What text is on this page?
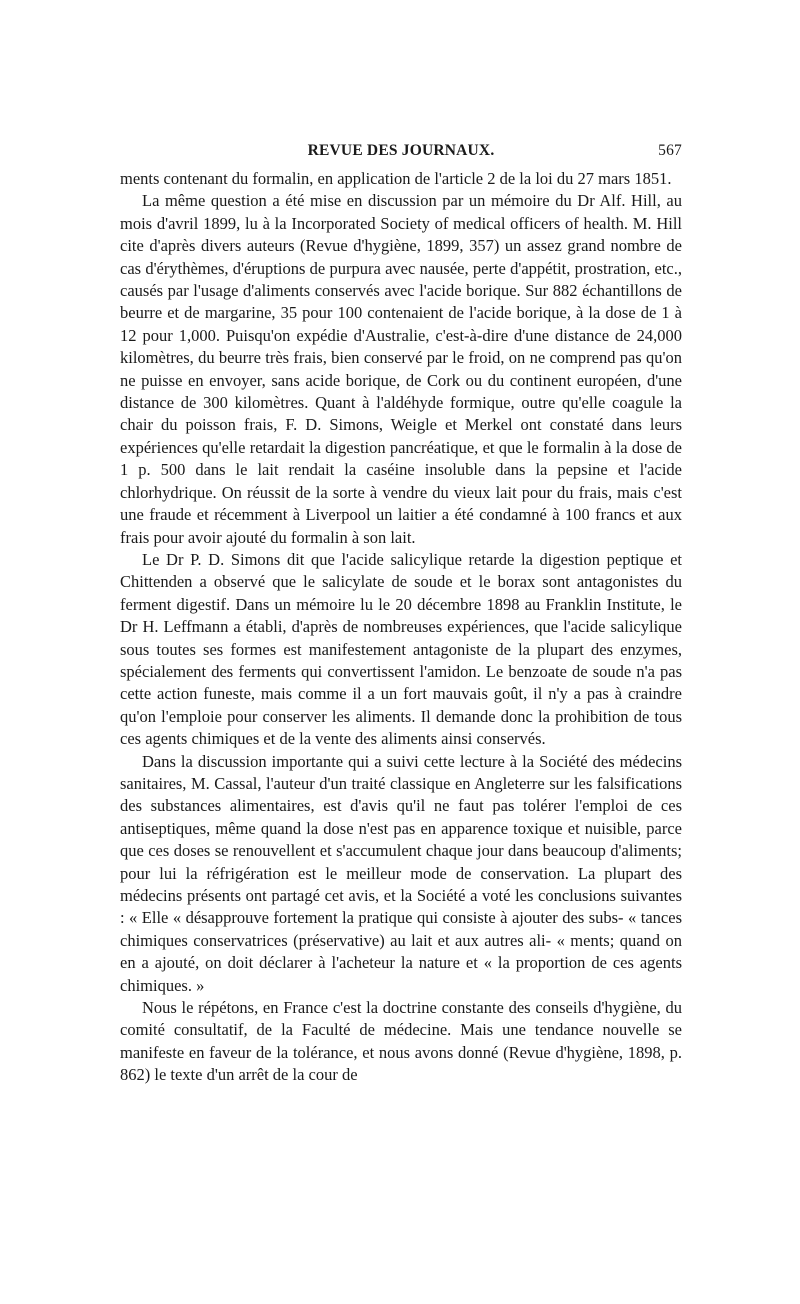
REVUE DES JOURNAUX.	567

ments contenant du formalin, en application de l'article 2 de la loi du 27 mars 1851.

La même question a été mise en discussion par un mémoire du Dr Alf. Hill, au mois d'avril 1899, lu à la Incorporated Society of medical officers of health. M. Hill cite d'après divers auteurs (Revue d'hygiène, 1899, 357) un assez grand nombre de cas d'érythèmes, d'éruptions de purpura avec nausée, perte d'appétit, prostration, etc., causés par l'usage d'aliments conservés avec l'acide borique. Sur 882 échantillons de beurre et de margarine, 35 pour 100 contenaient de l'acide borique, à la dose de 1 à 12 pour 1,000. Puisqu'on expédie d'Australie, c'est-à-dire d'une distance de 24,000 kilomètres, du beurre très frais, bien conservé par le froid, on ne comprend pas qu'on ne puisse en envoyer, sans acide borique, de Cork ou du continent européen, d'une distance de 300 kilomètres. Quant à l'aldéhyde formique, outre qu'elle coagule la chair du poisson frais, F. D. Simons, Weigle et Merkel ont constaté dans leurs expériences qu'elle retardait la digestion pancréatique, et que le formalin à la dose de 1 p. 500 dans le lait rendait la caséine insoluble dans la pepsine et l'acide chlorhydrique. On réussit de la sorte à vendre du vieux lait pour du frais, mais c'est une fraude et récemment à Liverpool un laitier a été condamné à 100 francs et aux frais pour avoir ajouté du formalin à son lait.

Le Dr P. D. Simons dit que l'acide salicylique retarde la digestion peptique et Chittenden a observé que le salicylate de soude et le borax sont antagonistes du ferment digestif. Dans un mémoire lu le 20 décembre 1898 au Franklin Institute, le Dr H. Leffmann a établi, d'après de nombreuses expériences, que l'acide salicylique sous toutes ses formes est manifestement antagoniste de la plupart des enzymes, spécialement des ferments qui convertissent l'amidon. Le benzoate de soude n'a pas cette action funeste, mais comme il a un fort mauvais goût, il n'y a pas à craindre qu'on l'emploie pour conserver les aliments. Il demande donc la prohibition de tous ces agents chimiques et de la vente des aliments ainsi conservés.

Dans la discussion importante qui a suivi cette lecture à la Société des médecins sanitaires, M. Cassal, l'auteur d'un traité classique en Angleterre sur les falsifications des substances alimentaires, est d'avis qu'il ne faut pas tolérer l'emploi de ces antiseptiques, même quand la dose n'est pas en apparence toxique et nuisible, parce que ces doses se renouvellent et s'accumulent chaque jour dans beaucoup d'aliments; pour lui la réfrigération est le meilleur mode de conservation. La plupart des médecins présents ont partagé cet avis, et la Société a voté les conclusions suivantes : « Elle « désapprouve fortement la pratique qui consiste à ajouter des subs- « tances chimiques conservatrices (préservative) au lait et aux autres ali- « ments; quand on en a ajouté, on doit déclarer à l'acheteur la nature et « la proportion de ces agents chimiques. »

Nous le répétons, en France c'est la doctrine constante des conseils d'hygiène, du comité consultatif, de la Faculté de médecine. Mais une tendance nouvelle se manifeste en faveur de la tolérance, et nous avons donné (Revue d'hygiène, 1898, p. 862) le texte d'un arrêt de la cour de
